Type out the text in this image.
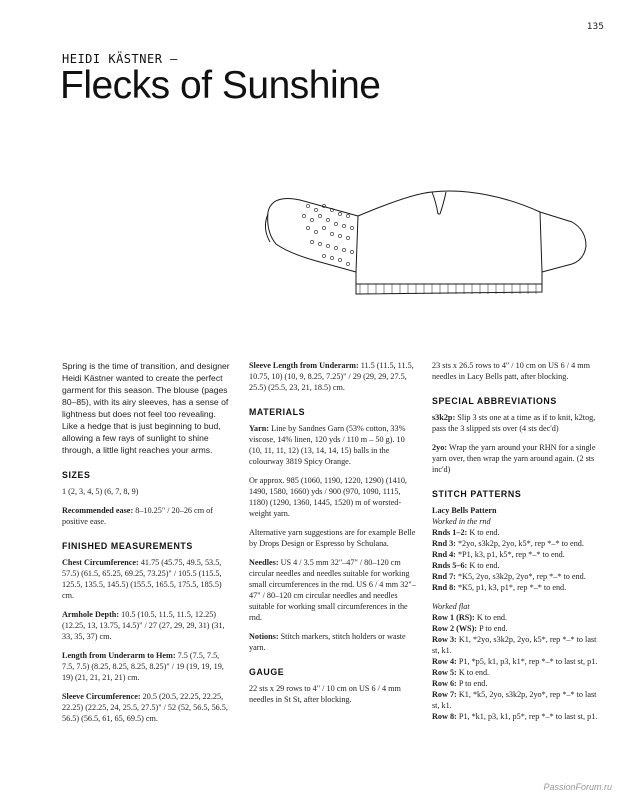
135
HEIDI KÄSTNER —
Flecks of Sunshine

Spring is the time of transition, and designer Heidi Kästner wanted to create the perfect garment for this season. The blouse (pages 80–85), with its airy sleeves, has a sense of lightness but does not feel too revealing. Like a hedge that is just beginning to bud, allowing a few rays of sunlight to shine through, a little light reaches your arms.

SIZES

1 (2, 3, 4, 5) (6, 7, 8, 9)

Recommended ease: 8–10.25" / 20–26 cm of positive ease.

FINISHED MEASUREMENTS

Chest Circumference: 41.75 (45.75, 49.5, 53.5, 57.5) (61.5, 65.25, 69.25, 73.25)" / 105.5 (115.5, 125.5, 135.5, 145.5) (155.5, 165.5, 175.5, 185.5) cm.

Armhole Depth: 10.5 (10.5, 11.5, 11.5, 12.25) (12.25, 13, 13.75, 14.5)" / 27 (27, 29, 29, 31) (31, 33, 35, 37) cm.

Length from Underarm to Hem: 7.5 (7.5, 7.5, 7.5, 7.5) (8.25, 8.25, 8.25, 8.25)" / 19 (19, 19, 19, 19) (21, 21, 21, 21) cm.

Sleeve Circumference: 20.5 (20.5, 22.25, 22.25, 22.25) (22.25, 24, 25.5, 27.5)" / 52 (52, 56.5, 56.5, 56.5) (56.5, 61, 65, 69.5) cm.

Sleeve Length from Underarm: 11.5 (11.5, 11.5, 10.75, 10) (10, 9, 8.25, 7.25)" / 29 (29, 29, 27.5, 25.5) (25.5, 23, 21, 18.5) cm.

MATERIALS

Yarn: Line by Sandnes Garn (53% cotton, 33% viscose, 14% linen, 120 yds / 110 m – 50 g). 10 (10, 11, 11, 12) (13, 14, 14, 15) balls in the colourway 3819 Spicy Orange.

Or approx. 985 (1060, 1190, 1220, 1290) (1410, 1490, 1580, 1660) yds / 900 (970, 1090, 1115, 1180) (1290, 1360, 1445, 1520) m of worsted-weight yarn.

Alternative yarn suggestions are for example Belle by Drops Design or Espresso by Schulana.

Needles: US 4 / 3.5 mm 32"–47" / 80–120 cm circular needles and needles suitable for working small circumferences in the rnd. US 6 / 4 mm 32"–47" / 80–120 cm circular needles and needles suitable for working small circumferences in the rnd.

Notions: Stitch markers, stitch holders or waste yarn.

GAUGE

22 sts x 29 rows to 4" / 10 cm on US 6 / 4 mm needles in St St, after blocking.

23 sts x 26.5 rows to 4" / 10 cm on US 6 / 4 mm needles in Lacy Bells patt, after blocking.

SPECIAL ABBREVIATIONS

s3k2p: Slip 3 sts one at a time as if to knit, k2tog, pass the 3 slipped sts over (4 sts dec'd)

2yo: Wrap the yarn around your RHN for a single yarn over, then wrap the yarn around again. (2 sts inc'd)

STITCH PATTERNS

Lacy Bells Pattern

Worked in the rnd

Rnds 1–2: K to end.

Rnd 3: *2yo, s3k2p, 2yo, k5*, rep *–* to end.

Rnd 4: *P1, k3, p1, k5*, rep *–* to end.

Rnds 5–6: K to end.

Rnd 7: *K5, 2yo, s3k2p, 2yo*, rep *–* to end.

Rnd 8: *K5, p1, k3, p1*, rep *–* to end.

Worked flat

Row 1 (RS): K to end.

Row 2 (WS): P to end.

Row 3: K1, *2yo, s3k2p, 2yo, k5*, rep *–* to last st, k1.

Row 4: P1, *p5, k1, p3, k1*, rep *–* to last st, p1.

Row 5: K to end.

Row 6: P to end.

Row 7: K1, *k5, 2yo, s3k2p, 2yo*, rep *–* to last st, k1.

Row 8: P1, *k1, p3, k1, p5*, rep *–* to last st, p1.

PassionForum.ru
